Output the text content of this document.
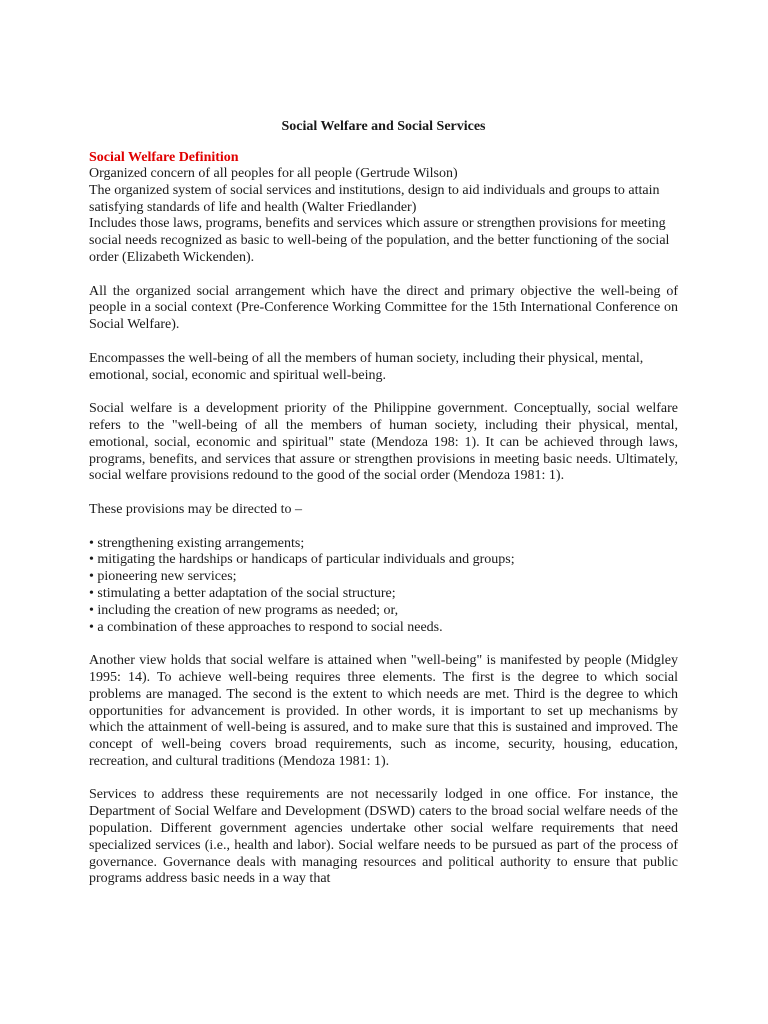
Social Welfare and Social Services
Social Welfare Definition

Organized concern of all peoples for all people (Gertrude Wilson)

The organized system of social services and institutions, design to aid individuals and groups to attain satisfying standards of life and health (Walter Friedlander)

Includes those laws, programs, benefits and services which assure or strengthen provisions for meeting social needs recognized as basic to well-being of the population, and the better functioning of the social order (Elizabeth Wickenden).

All the organized social arrangement which have the direct and primary objective the well-being of people in a social context (Pre-Conference Working Committee for the 15th International Conference on Social Welfare).

Encompasses the well-being of all the members of human society, including their physical, mental, emotional, social, economic and spiritual well-being.

Social welfare is a development priority of the Philippine government. Conceptually, social welfare refers to the "well-being of all the members of human society, including their physical, mental, emotional, social, economic and spiritual" state (Mendoza 198: 1). It can be achieved through laws, programs, benefits, and services that assure or strengthen provisions in meeting basic needs. Ultimately, social welfare provisions redound to the good of the social order (Mendoza 1981: 1).

These provisions may be directed to –

• strengthening existing arrangements;
• mitigating the hardships or handicaps of particular individuals and groups;
• pioneering new services;
• stimulating a better adaptation of the social structure;
• including the creation of new programs as needed; or,
• a combination of these approaches to respond to social needs.

Another view holds that social welfare is attained when "well-being" is manifested by people (Midgley 1995: 14). To achieve well-being requires three elements. The first is the degree to which social problems are managed. The second is the extent to which needs are met. Third is the degree to which opportunities for advancement is provided. In other words, it is important to set up mechanisms by which the attainment of well-being is assured, and to make sure that this is sustained and improved. The concept of well-being covers broad requirements, such as income, security, housing, education, recreation, and cultural traditions (Mendoza 1981: 1).

Services to address these requirements are not necessarily lodged in one office. For instance, the Department of Social Welfare and Development (DSWD) caters to the broad social welfare needs of the population. Different government agencies undertake other social welfare requirements that need specialized services (i.e., health and labor). Social welfare needs to be pursued as part of the process of governance. Governance deals with managing resources and political authority to ensure that public programs address basic needs in a way that
